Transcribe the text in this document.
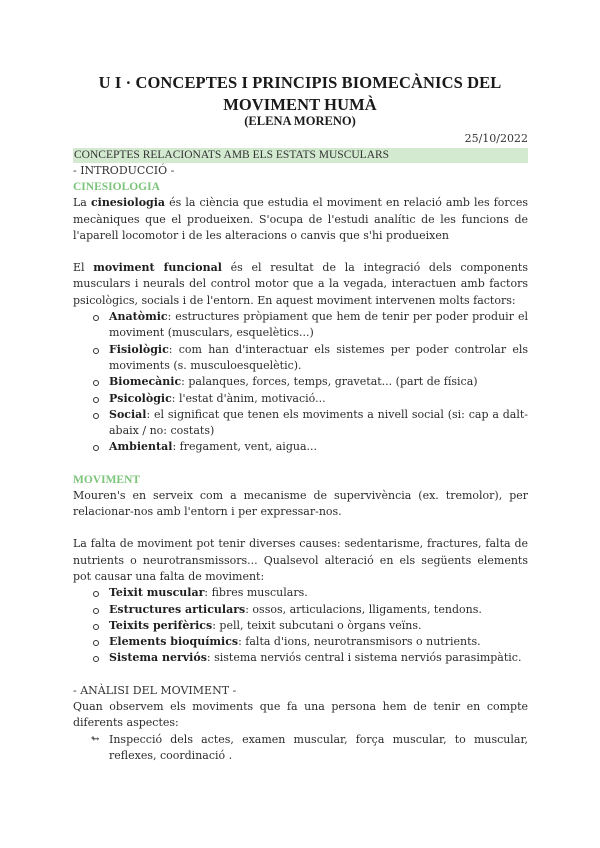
U I · CONCEPTES I PRINCIPIS BIOMECÀNICS DEL MOVIMENT HUMÀ
(ELENA MORENO)
25/10/2022
CONCEPTES RELACIONATS AMB ELS ESTATS MUSCULARS
- INTRODUCCIÓ -
CINESIOLOGIA

La cinesiologia és la ciència que estudia el moviment en relació amb les forces mecàniques que el produeixen. S'ocupa de l'estudi analític de les funcions de l'aparell locomotor i de les alteracions o canvis que s'hi produeixen

El moviment funcional és el resultat de la integració dels components musculars i neurals del control motor que a la vegada, interactuen amb factors psicològics, socials i de l'entorn. En aquest moviment intervenen molts factors:

Anatòmic: estructures pròpiament que hem de tenir per poder produir el moviment (musculars, esquelètics...)
Fisiològic: com han d'interactuar els sistemes per poder controlar els moviments (s. musculoesquelètic).
Biomecànic: palanques, forces, temps, gravetat... (part de física)
Psicològic: l'estat d'ànim, motivació...
Social: el significat que tenen els moviments a nivell social (si: cap a dalt-abaix / no: costats)
Ambiental: fregament, vent, aigua...
MOVIMENT

Mouren's en serveix com a mecanisme de supervivència (ex. tremolor), per relacionar-nos amb l'entorn i per expressar-nos.

La falta de moviment pot tenir diverses causes: sedentarisme, fractures, falta de nutrients o neurotransmissors... Qualsevol alteració en els següents elements pot causar una falta de moviment:

Teixit muscular: fibres musculars.
Estructures articulars: ossos, articulacions, lligaments, tendons.
Teixits perifèrics: pell, teixit subcutani o òrgans veïns.
Elements bioquímics: falta d'ions, neurotransmisors o nutrients.
Sistema nerviós: sistema nerviós central i sistema nerviós parasimpàtic.
- ANÀLISI DEL MOVIMENT -

Quan observem els moviments que fa una persona hem de tenir en compte diferents aspectes:

↬ Inspecció dels actes, examen muscular, força muscular, to muscular, reflexes, coordinació .
